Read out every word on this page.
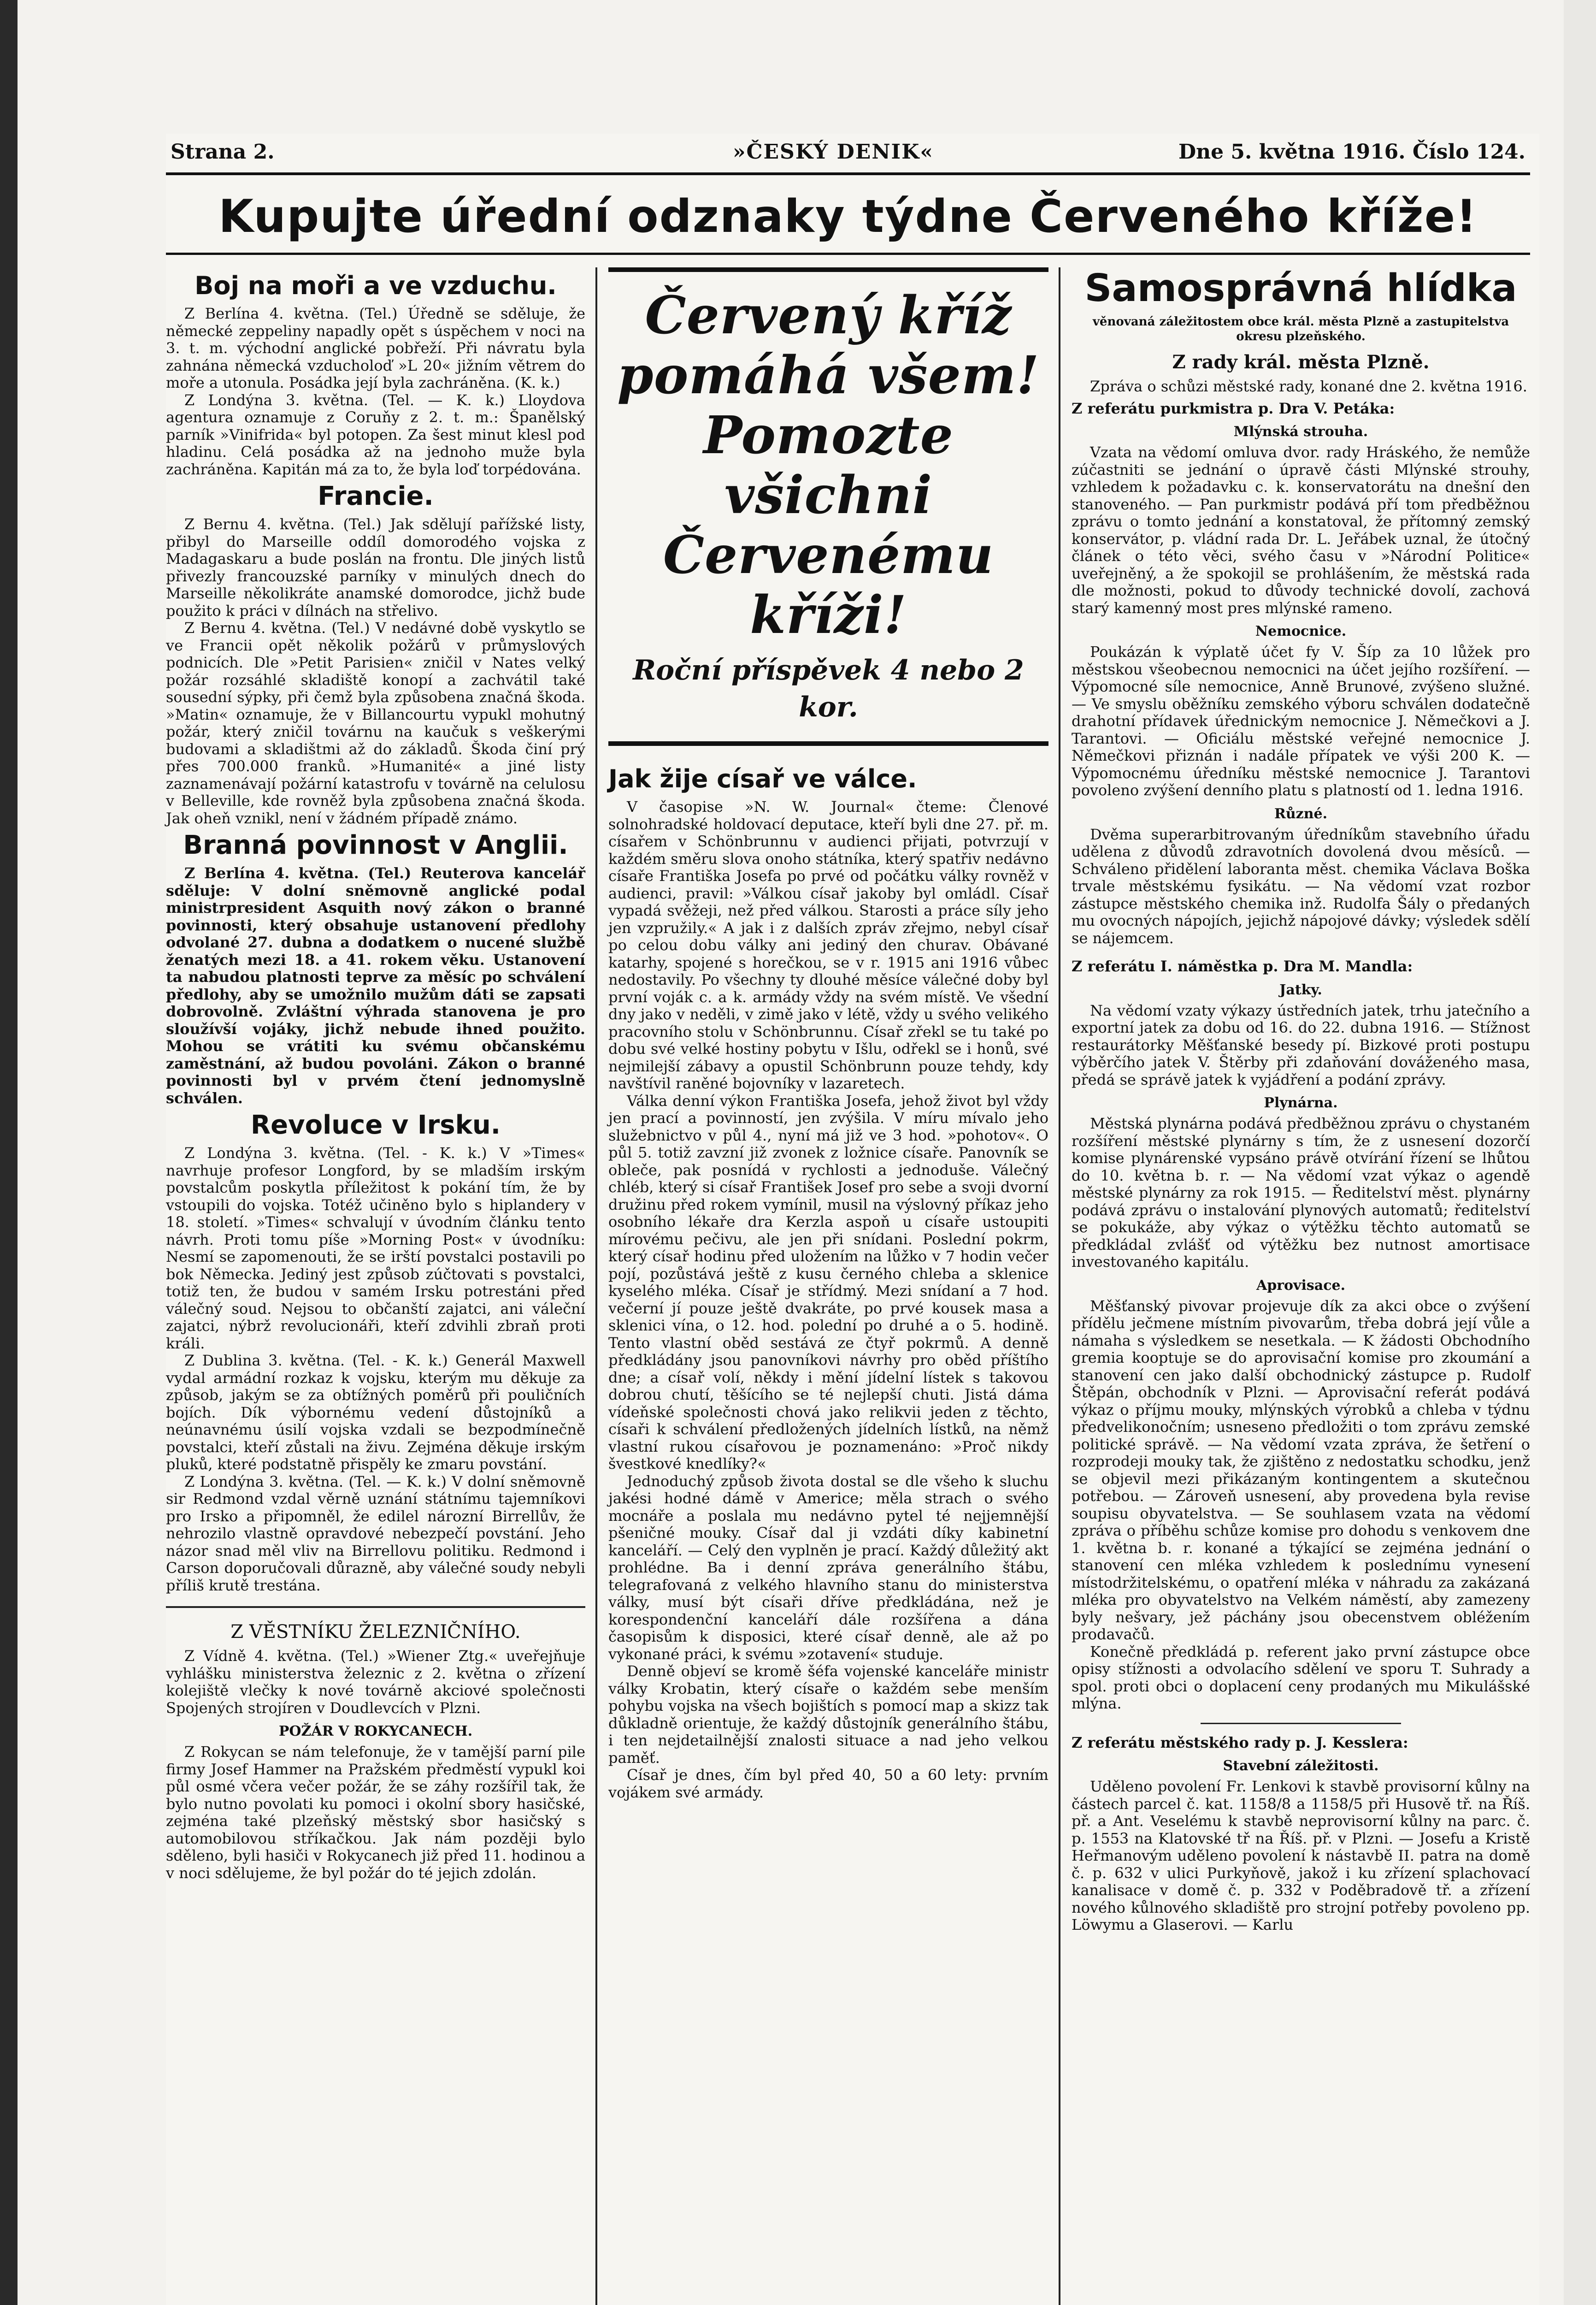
Strana 2.	»ČESKÝ DENIK«	Dne 5. května 1916. Číslo 124.
Kupujte úřední odznaky týdne Červeného kříže!
Boj na moři a ve vzduchu.

Z Berlína 4. května. (Tel.) Úředně se sděluje, že německé zeppeliny napadly opět s úspěchem v noci na 3. t. m. východní anglické pobřeží. Při návratu byla zahnána německá vzducholoď »L 20« jižním větrem do moře a utonula. Posádka její byla zachráněna. (K. k.)

Z Londýna 3. května. (Tel. — K. k.) Lloydova agentura oznamuje z Coruňy z 2. t. m.: Španělský parník »Vinifrida« byl potopen. Za šest minut klesl pod hladinu. Celá posádka až na jednoho muže byla zachráněna. Kapitán má za to, že byla loď torpédována.

Francie.

Z Bernu 4. května. (Tel.) Jak sdělují pařížské listy, přibyl do Marseille oddíl domorodého vojska z Madagaskaru a bude poslán na frontu. Dle jiných listů přivezly francouzské parníky v minulých dnech do Marseille několikráte anamské domorodce, jichž bude použito k práci v dílnách na střelivo.

Z Bernu 4. května. (Tel.) V nedávné době vyskytlo se ve Francii opět několik požárů v průmyslových podnicích. Dle »Petit Parisien« zničil v Nates velký požár rozsáhlé skladiště konopí a zachvátil také sousední sýpky, při čemž byla způsobena značná škoda. »Matin« oznamuje, že v Billancourtu vypukl mohutný požár, který zničil továrnu na kaučuk s veškerými budovami a skladištmi až do základů. Škoda činí prý přes 700.000 franků. »Humanité« a jiné listy zaznamenávají požární katastrofu v továrně na celulosu v Belleville, kde rovněž byla způsobena značná škoda. Jak oheň vznikl, není v žádném případě známo.

Branná povinnost v Anglii.

Z Berlína 4. května. (Tel.) Reuterova kancelář sděluje: V dolní sněmovně anglické podal ministrpresident Asquith nový zákon o branné povinnosti, který obsahuje ustanovení předlohy odvolané 27. dubna a dodatkem o nucené službě ženatých mezi 18. a 41. rokem věku. Ustanovení ta nabudou platnosti teprve za měsíc po schválení předlohy, aby se umožnilo mužům dáti se zapsati dobrovolně. Zvláštní výhrada stanovena je pro sloužívší vojáky, jichž nebude ihned použito. Mohou se vrátiti ku svému občanskému zaměstnání, až budou povoláni. Zákon o branné povinnosti byl v prvém čtení jednomyslně schválen.

Revoluce v Irsku.

Z Londýna 3. května. (Tel. - K. k.) V »Times« navrhuje profesor Longford, by se mladším irským povstalcům poskytla příležitost k pokání tím, že by vstoupili do vojska. Totéž učiněno bylo s hiplandery v 18. století. »Times« schvalují v úvodním článku tento návrh. Proti tomu píše »Morning Post« v úvodníku: Nesmí se zapomenouti, že se irští povstalci postavili po bok Německa. Jediný jest způsob zúčtovati s povstalci, totiž ten, že budou v samém Irsku potrestáni před válečný soud. Nejsou to občanští zajatci, ani váleční zajatci, nýbrž revolucionáři, kteří zdvihli zbraň proti králi.

Z Dublina 3. května. (Tel. - K. k.) Generál Maxwell vydal armádní rozkaz k vojsku, kterým mu děkuje za způsob, jakým se za obtížných poměrů při pouličních bojích. Dík výbornému vedení důstojníků a neúnavnému úsilí vojska vzdali se bezpodmínečně povstalci, kteří zůstali na živu. Zejména děkuje irským pluků, které podstatně přispěly ke zmaru povstání.

Z Londýna 3. května. (Tel. — K. k.) V dolní sněmovně sir Redmond vzdal věrně uznání státnímu tajemníkovi pro Irsko a připomněl, že edilel nározní Birrellův, že nehrozilo vlastně opravdové nebezpečí povstání. Jeho názor snad měl vliv na Birrellovu politiku. Redmond i Carson doporučovali důrazně, aby válečné soudy nebyli příliš krutě trestána.

Z VĚSTNÍKU ŽELEZNIČNÍHO.

Z Vídně 4. května. (Tel.) »Wiener Ztg.« uveřejňuje vyhlášku ministerstva železnic z 2. května o zřízení kolejiště vlečky k nové továrně akciové společnosti Spojených strojíren v Doudlevcích v Plzni.

POŽÁR V ROKYCANECH.

Z Rokycan se nám telefonuje, že v tamější parní pile firmy Josef Hammer na Pražském předměstí vypukl koi půl osmé včera večer požár, že se záhy rozšířil tak, že bylo nutno povolati ku pomoci i okolní sbory hasičské, zejména také plzeňský městský sbor hasičský s automobilovou stříkačkou. Jak nám později bylo sděleno, byli hasiči v Rokycanech již před 11. hodinou a v noci sdělujeme, že byl požár do té jejich zdolán.

Červený kříž
pomáhá všem!
Pomozte všichni
Červenému kříži!
Roční příspěvek 4 nebo 2 kor.
Jak žije císař ve válce.

V časopise »N. W. Journal« čteme: Členové solnohradské holdovací deputace, kteří byli dne 27. př. m. císařem v Schönbrunnu v audienci přijati, potvrzují v každém směru slova onoho státníka, který spatřiv nedávno císaře Františka Josefa po prvé od počátku války rovněž v audienci, pravil: »Válkou císař jakoby byl omládl. Císař vypadá svěžeji, než před válkou. Starosti a práce síly jeho jen vzpružily.« A jak i z dalších zpráv zřejmo, nebyl císař po celou dobu války ani jediný den churav. Obávané katarhy, spojené s horečkou, se v r. 1915 ani 1916 vůbec nedostavily. Po všechny ty dlouhé měsíce válečné doby byl první voják c. a k. armády vždy na svém místě. Ve všední dny jako v neděli, v zimě jako v létě, vždy u svého velikého pracovního stolu v Schönbrunnu. Císař zřekl se tu také po dobu své velké hostiny pobytu v Išlu, odřekl se i honů, své nejmilejší zábavy a opustil Schönbrunn pouze tehdy, kdy navštívil raněné bojovníky v lazaretech.

Válka denní výkon Františka Josefa, jehož život byl vždy jen prací a povinností, jen zvýšila. V míru mívalo jeho služebnictvo v půl 4., nyní má již ve 3 hod. »pohotov«. O půl 5. totiž zavzní již zvonek z ložnice císaře. Panovník se obleče, pak posnídá v rychlosti a jednoduše. Válečný chléb, který si císař František Josef pro sebe a svoji dvorní družinu před rokem vymínil, musil na výslovný příkaz jeho osobního lékaře dra Kerzla aspoň u císaře ustoupiti mírovému pečivu, ale jen při snídani. Poslední pokrm, který císař hodinu před uložením na lůžko v 7 hodin večer pojí, pozůstává ještě z kusu černého chleba a sklenice kyselého mléka. Císař je střídmý. Mezi snídaní a 7 hod. večerní jí pouze ještě dvakráte, po prvé kousek masa a sklenici vína, o 12. hod. polední po druhé a o 5. hodině. Tento vlastní oběd sestává ze čtyř pokrmů. A denně předkládány jsou panovníkovi návrhy pro oběd příštího dne; a císař volí, někdy i mění jídelní lístek s takovou dobrou chutí, těšícího se té nejlepší chuti. Jistá dáma vídeňské společnosti chová jako relikvii jeden z těchto, císaři k schválení předložených jídelních lístků, na němž vlastní rukou císařovou je poznamenáno: »Proč nikdy švestkové knedlíky?«

Jednoduchý způsob života dostal se dle všeho k sluchu jakési hodné dámě v Americe; měla strach o svého mocnáře a poslala mu nedávno pytel té nejjemnější pšeničné mouky. Císař dal ji vzdáti díky kabinetní kanceláří. — Celý den vyplněn je prací. Každý důležitý akt prohlédne. Ba i denní zpráva generálního štábu, telegrafovaná z velkého hlavního stanu do ministerstva války, musí být císaři dříve předkládána, než je korespondenční kanceláří dále rozšířena a dána časopisům k disposici, které císař denně, ale až po vykonané práci, k svému »zotavení« studuje.

Denně objeví se kromě šéfa vojenské kanceláře ministr války Krobatin, který císaře o každém sebe menším pohybu vojska na všech bojištích s pomocí map a skizz tak důkladně orientuje, že každý důstojník generálního štábu, i ten nejdetailnější znalosti situace a nad jeho velkou paměť.

Císař je dnes, čím byl před 40, 50 a 60 lety: prvním vojákem své armády.

Samosprávná hlídka
věnovaná záležitostem obce král. města Plzně a zastupitelstva okresu plzeňského.
Z rady král. města Plzně.

Zpráva o schůzi městské rady, konané dne 2. května 1916.

Z referátu purkmistra p. Dra V. Petáka:

Mlýnská strouha.

Vzata na vědomí omluva dvor. rady Hráského, že nemůže zúčastniti se jednání o úpravě části Mlýnské strouhy, vzhledem k požadavku c. k. konservatorátu na dnešní den stanoveného. — Pan purkmistr podává pří tom předběžnou zprávu o tomto jednání a konstatoval, že přítomný zemský konservátor, p. vládní rada Dr. L. Jeřábek uznal, že útočný článek o této věci, svého času v »Národní Politice« uveřejněný, a že spokojil se prohlášením, že městská rada dle možnosti, pokud to důvody technické dovolí, zachová starý kamenný most pres mlýnské rameno.

Nemocnice.

Poukázán k výplatě účet fy V. Šíp za 10 lůžek pro městskou všeobecnou nemocnici na účet jejího rozšíření. — Výpomocné síle nemocnice, Anně Brunové, zvýšeno služné. — Ve smyslu oběžníku zemského výboru schválen dodatečně drahotní přídavek úřednickým nemocnice J. Němečkovi a J. Tarantovi. — Oficiálu městské veřejné nemocnice J. Němečkovi přiznán i nadále přípatek ve výši 200 K. — Výpomocnému úředníku městské nemocnice J. Tarantovi povoleno zvýšení denního platu s platností od 1. ledna 1916.

Různé.

Dvěma superarbitrovaným úředníkům stavebního úřadu udělena z důvodů zdravotních dovolená dvou měsíců. — Schváleno přidělení laboranta měst. chemika Václava Boška trvale městskému fysikátu. — Na vědomí vzat rozbor zástupce městského chemika inž. Rudolfa Šály o předaných mu ovocných nápojích, jejichž nápojové dávky; výsledek sdělí se nájemcem.

Z referátu I. náměstka p. Dra M. Mandla:

Jatky.

Na vědomí vzaty výkazy ústředních jatek, trhu jatečního a exportní jatek za dobu od 16. do 22. dubna 1916. — Stížnost restaurátorky Měšťanské besedy pí. Bizkové proti postupu výběrčího jatek V. Štěrby při zdaňování dováženého masa, předá se správě jatek k vyjádření a podání zprávy.

Plynárna.

Městská plynárna podává předběžnou zprávu o chystaném rozšíření městské plynárny s tím, že z usnesení dozorčí komise plynárenské vypsáno právě otvírání řízení se lhůtou do 10. května b. r. — Na vědomí vzat výkaz o agendě městské plynárny za rok 1915. — Ředitelství měst. plynárny podává zprávu o instalování plynových automatů; ředitelství se pokukáže, aby výkaz o výtěžku těchto automatů se předkládal zvlášť od výtěžku bez nutnost amortisace investovaného kapitálu.

Aprovisace.

Měšťanský pivovar projevuje dík za akci obce o zvýšení přídělu ječmene místním pivovarům, třeba dobrá její vůle a námaha s výsledkem se nesetkala. — K žádosti Obchodního gremia kooptuje se do aprovisační komise pro zkoumání a stanovení cen jako další obchodnický zástupce p. Rudolf Štěpán, obchodník v Plzni. — Aprovisační referát podává výkaz o příjmu mouky, mlýnských výrobků a chleba v týdnu předvelikonočním; usneseno předložiti o tom zprávu zemské politické správě. — Na vědomí vzata zpráva, že šetření o rozprodeji mouky tak, že zjištěno z nedostatku schodku, jenž se objevil mezi přikázaným kontingentem a skutečnou potřebou. — Zároveň usnesení, aby provedena byla revise soupisu obyvatelstva. — Se souhlasem vzata na vědomí zpráva o příběhu schůze komise pro dohodu s venkovem dne 1. května b. r. konané a týkající se zejména jednání o stanovení cen mléka vzhledem k poslednímu vynesení místodržitelskému, o opatření mléka v náhradu za zakázaná mléka pro obyvatelstvo na Velkém náměstí, aby zamezeny byly nešvary, jež páchány jsou obecenstvem obléžením prodavačů.

Konečně předkládá p. referent jako první zástupce obce opisy stížnosti a odvolacího sdělení ve sporu T. Suhrady a spol. proti obci o doplacení ceny prodaných mu Mikulášské mlýna.

Z referátu městského rady p. J. Kesslera:

Stavební záležitosti.

Uděleno povolení Fr. Lenkovi k stavbě provisorní kůlny na částech parcel č. kat. 1158/8 a 1158/5 při Husově tř. na Říš. př. a Ant. Veselému k stavbě neprovisorní kůlny na parc. č. p. 1553 na Klatovské tř na Říš. př. v Plzni. — Josefu a Kristě Heřmanovým uděleno povolení k nástavbě II. patra na domě č. p. 632 v ulici Purkyňově, jakož i ku zřízení splachovací kanalisace v domě č. p. 332 v Poděbradově tř. a zřízení nového kůlnového skladiště pro strojní potřeby povoleno pp. Löwymu a Glaserovi. — Karlu
